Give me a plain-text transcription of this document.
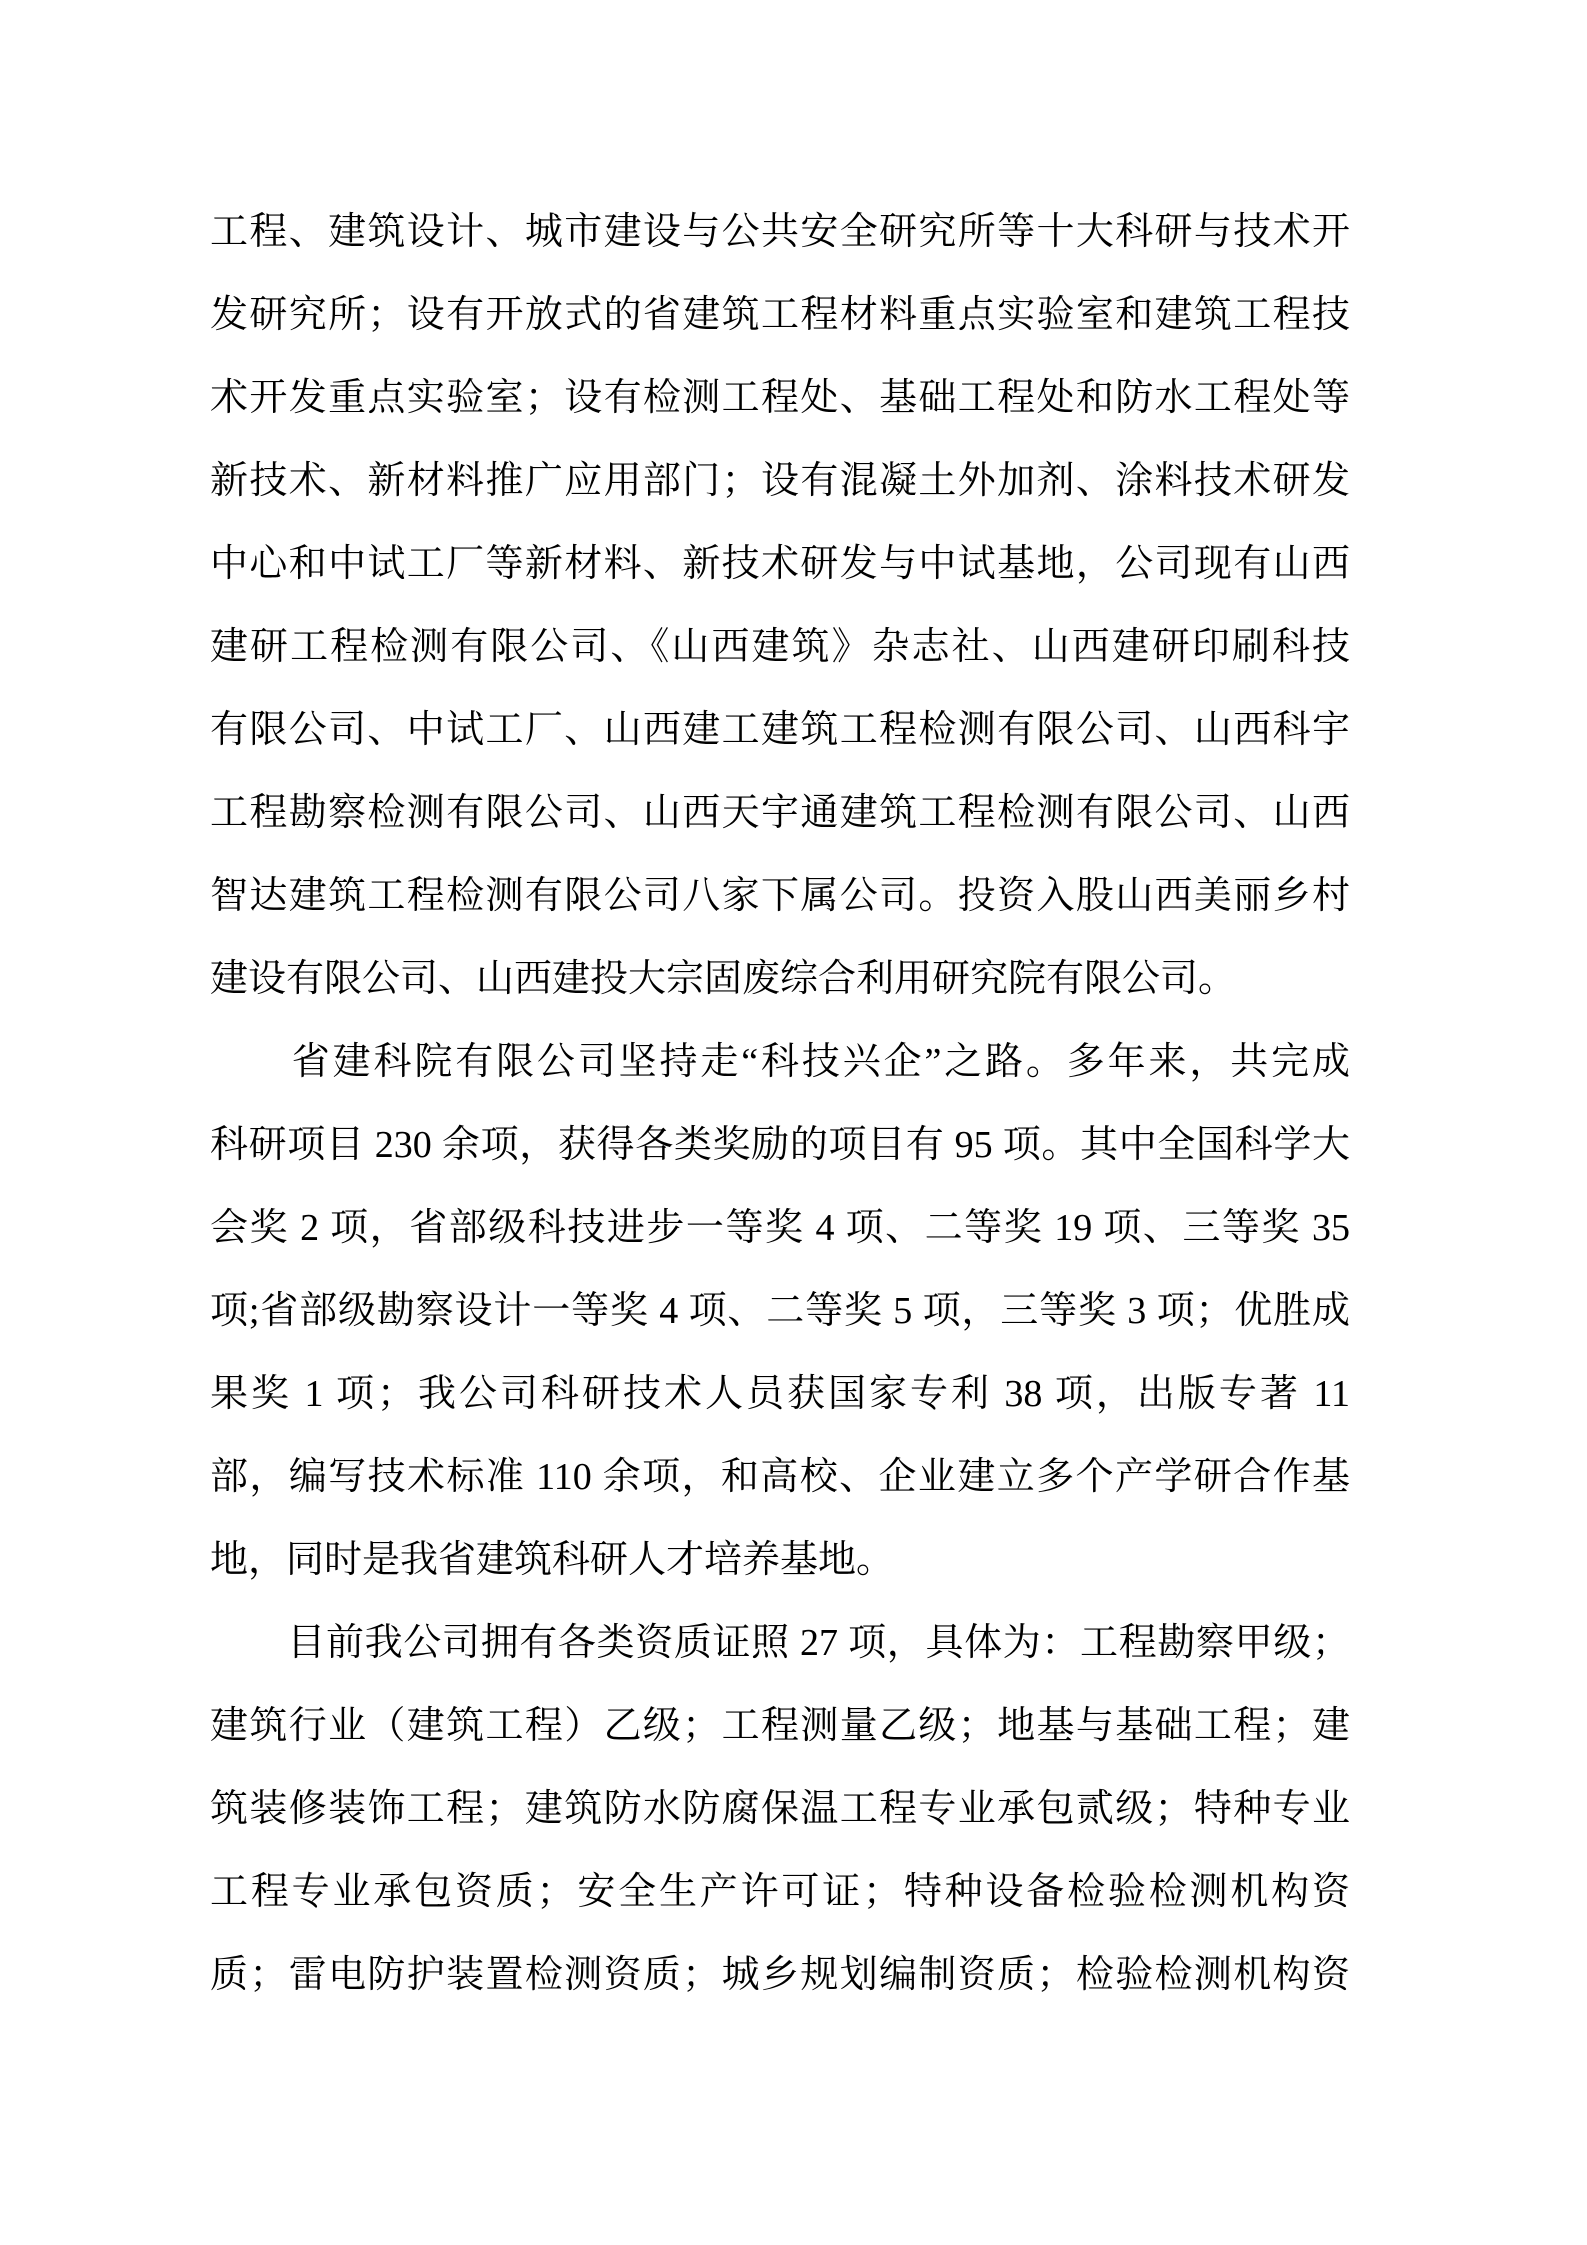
工程、建筑设计、城市建设与公共安全研究所等十大科研与技术开
发研究所；设有开放式的省建筑工程材料重点实验室和建筑工程技
术开发重点实验室；设有检测工程处、基础工程处和防水工程处等
新技术、新材料推广应用部门；设有混凝土外加剂、涂料技术研发
中心和中试工厂等新材料、新技术研发与中试基地，公司现有山西
建研工程检测有限公司、《山西建筑》杂志社、山西建研印刷科技
有限公司、中试工厂、山西建工建筑工程检测有限公司、山西科宇
工程勘察检测有限公司、山西天宇通建筑工程检测有限公司、山西
智达建筑工程检测有限公司八家下属公司。投资入股山西美丽乡村
建设有限公司、山西建投大宗固废综合利用研究院有限公司。
　　省建科院有限公司坚持走“科技兴企”之路。多年来，共完成
科研项目 230 余项，获得各类奖励的项目有 95 项。其中全国科学大
会奖 2 项，省部级科技进步一等奖 4 项、二等奖 19 项、三等奖 35
项;省部级勘察设计一等奖 4 项、二等奖 5 项，三等奖 3 项；优胜成
果奖 1 项；我公司科研技术人员获国家专利 38 项，出版专著 11
部，编写技术标准 110 余项，和高校、企业建立多个产学研合作基
地，同时是我省建筑科研人才培养基地。
　　目前我公司拥有各类资质证照 27 项，具体为：工程勘察甲级；
建筑行业（建筑工程）乙级；工程测量乙级；地基与基础工程；建
筑装修装饰工程；建筑防水防腐保温工程专业承包贰级；特种专业
工程专业承包资质；安全生产许可证；特种设备检验检测机构资
质；雷电防护装置检测资质；城乡规划编制资质；检验检测机构资
